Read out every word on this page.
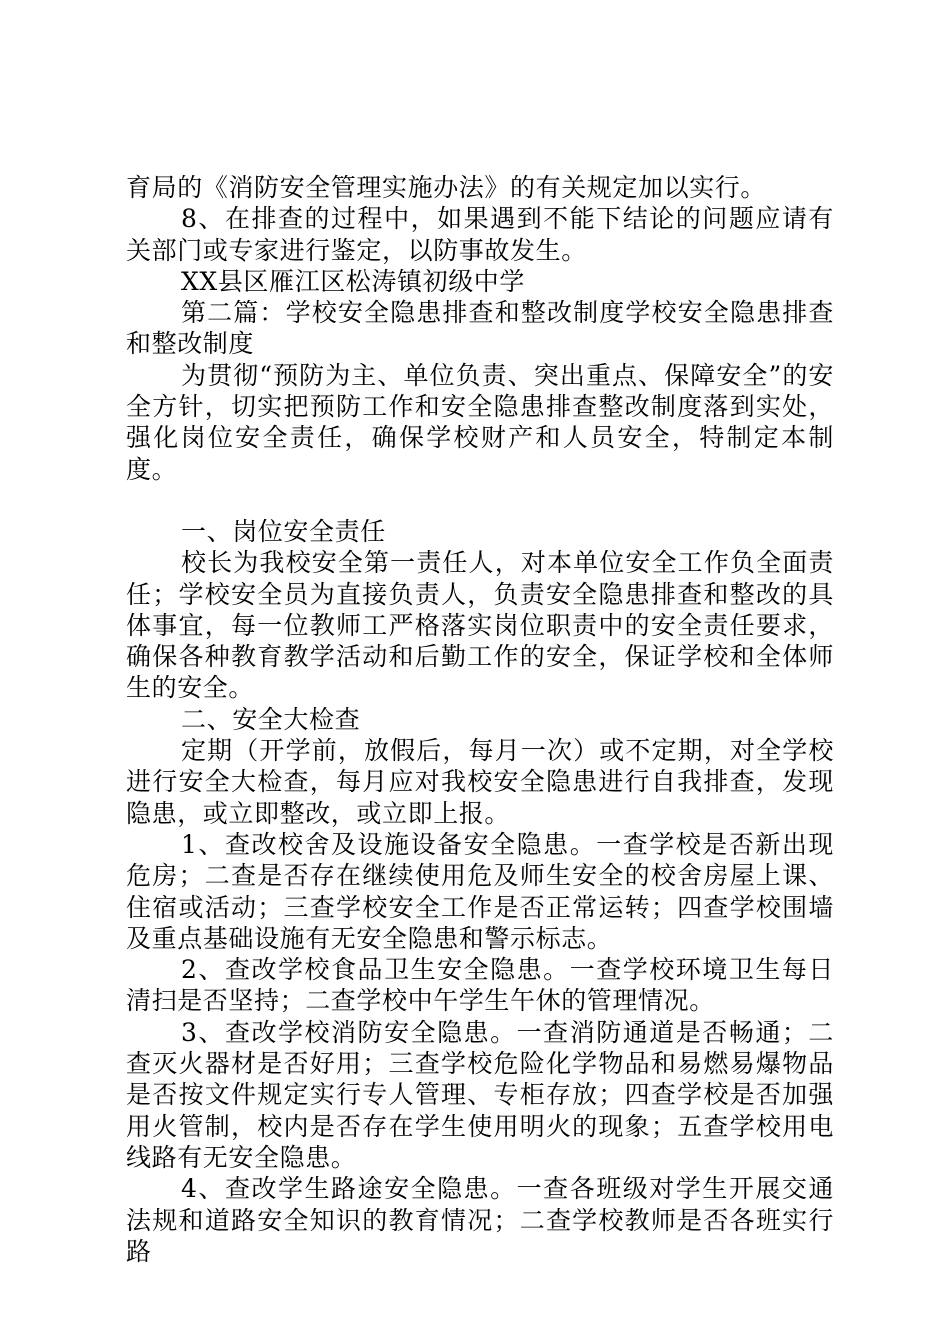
育局的《消防安全管理实施办法》的有关规定加以实行。

8、在排查的过程中，如果遇到不能下结论的问题应请有关部门或专家进行鉴定，以防事故发生。

XX县区雁江区松涛镇初级中学

第二篇：学校安全隐患排查和整改制度学校安全隐患排查和整改制度

为贯彻“预防为主、单位负责、突出重点、保障安全”的安全方针，切实把预防工作和安全隐患排查整改制度落到实处，强化岗位安全责任，确保学校财产和人员安全，特制定本制度。

一、岗位安全责任

校长为我校安全第一责任人，对本单位安全工作负全面责任；学校安全员为直接负责人，负责安全隐患排查和整改的具体事宜，每一位教师工严格落实岗位职责中的安全责任要求，确保各种教育教学活动和后勤工作的安全，保证学校和全体师生的安全。

二、安全大检查

定期（开学前，放假后，每月一次）或不定期，对全学校进行安全大检查，每月应对我校安全隐患进行自我排查，发现隐患，或立即整改，或立即上报。

1、查改校舍及设施设备安全隐患。一查学校是否新出现危房；二查是否存在继续使用危及师生安全的校舍房屋上课、住宿或活动；三查学校安全工作是否正常运转；四查学校围墙及重点基础设施有无安全隐患和警示标志。

2、查改学校食品卫生安全隐患。一查学校环境卫生每日清扫是否坚持；二查学校中午学生午休的管理情况。

3、查改学校消防安全隐患。一查消防通道是否畅通；二查灭火器材是否好用；三查学校危险化学物品和易燃易爆物品是否按文件规定实行专人管理、专柜存放；四查学校是否加强用火管制，校内是否存在学生使用明火的现象；五查学校用电线路有无安全隐患。

4、查改学生路途安全隐患。一查各班级对学生开展交通法规和道路安全知识的教育情况；二查学校教师是否各班实行路
